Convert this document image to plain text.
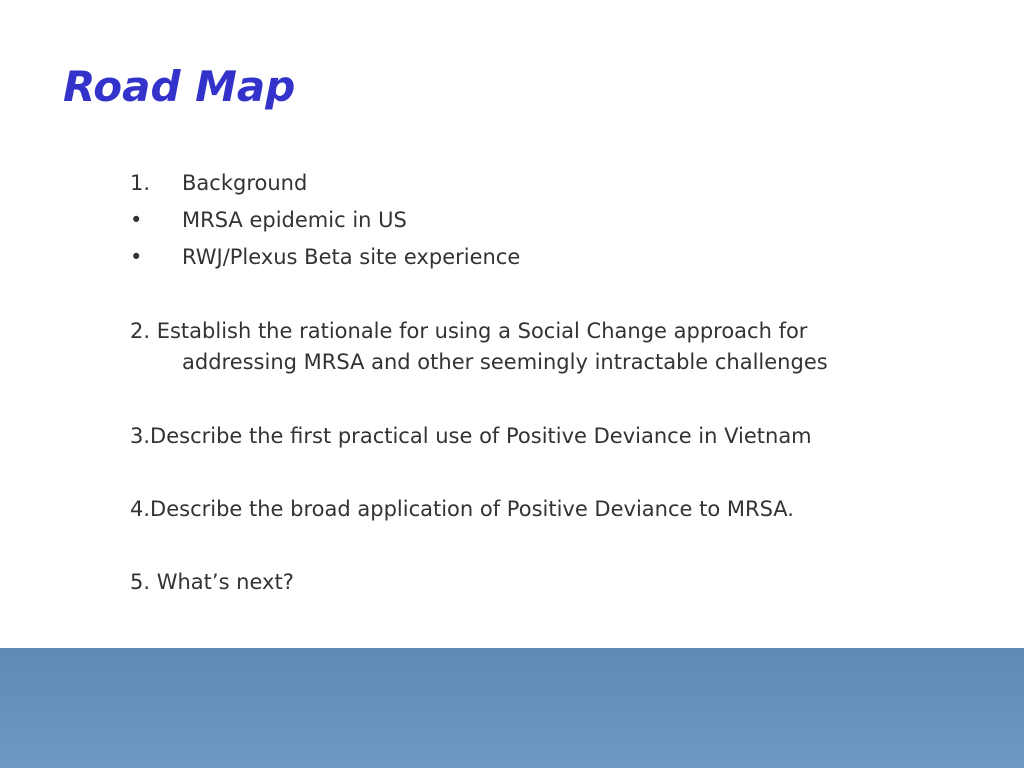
Road Map
1. Background
• MRSA epidemic in US
• RWJ/Plexus Beta site experience
2. Establish the rationale for using a Social Change approach for
addressing MRSA and other seemingly intractable challenges
3.Describe the first practical use of Positive Deviance in Vietnam
4.Describe the broad application of Positive Deviance to MRSA.
5. What’s next?
